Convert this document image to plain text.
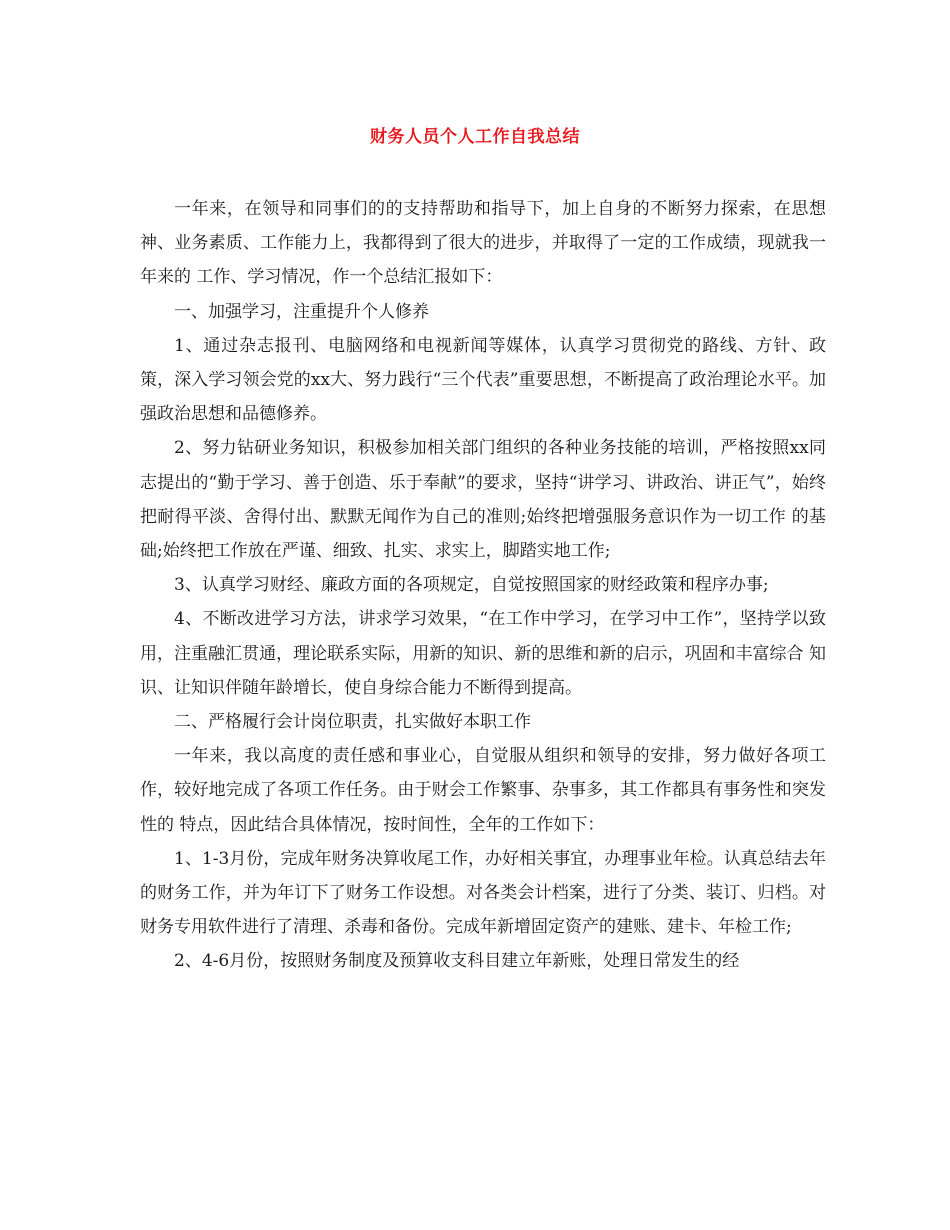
财务人员个人工作自我总结

一年来，在领导和同事们的的支持帮助和指导下，加上自身的不断努力探索，在思想神、业务素质、工作能力上，我都得到了很大的进步，并取得了一定的工作成绩，现就我一年来的 工作、学习情况，作一个总结汇报如下：

一、加强学习，注重提升个人修养

1、通过杂志报刊、电脑网络和电视新闻等媒体，认真学习贯彻党的路线、方针、政策，深入学习领会党的xx大、努力践行“三个代表”重要思想，不断提高了政治理论水平。加强政治思想和品德修养。

2、努力钻研业务知识，积极参加相关部门组织的各种业务技能的培训，严格按照xx同志提出的“勤于学习、善于创造、乐于奉献”的要求，坚持“讲学习、讲政治、讲正气”，始终把耐得平淡、舍得付出、默默无闻作为自己的准则;始终把增强服务意识作为一切工作 的基础;始终把工作放在严谨、细致、扎实、求实上，脚踏实地工作;

3、认真学习财经、廉政方面的各项规定，自觉按照国家的财经政策和程序办事;

4、不断改进学习方法，讲求学习效果，“在工作中学习，在学习中工作”，坚持学以致用，注重融汇贯通，理论联系实际，用新的知识、新的思维和新的启示，巩固和丰富综合 知识、让知识伴随年龄增长，使自身综合能力不断得到提高。

二、严格履行会计岗位职责，扎实做好本职工作

一年来，我以高度的责任感和事业心，自觉服从组织和领导的安排，努力做好各项工作，较好地完成了各项工作任务。由于财会工作繁事、杂事多，其工作都具有事务性和突发性的 特点，因此结合具体情况，按时间性，全年的工作如下：

1、1-3月份，完成年财务决算收尾工作，办好相关事宜，办理事业年检。认真总结去年的财务工作，并为年订下了财务工作设想。对各类会计档案，进行了分类、装订、归档。对财务专用软件进行了清理、杀毒和备份。完成年新增固定资产的建账、建卡、年检工作;

2、4-6月份，按照财务制度及预算收支科目建立年新账，处理日常发生的经
